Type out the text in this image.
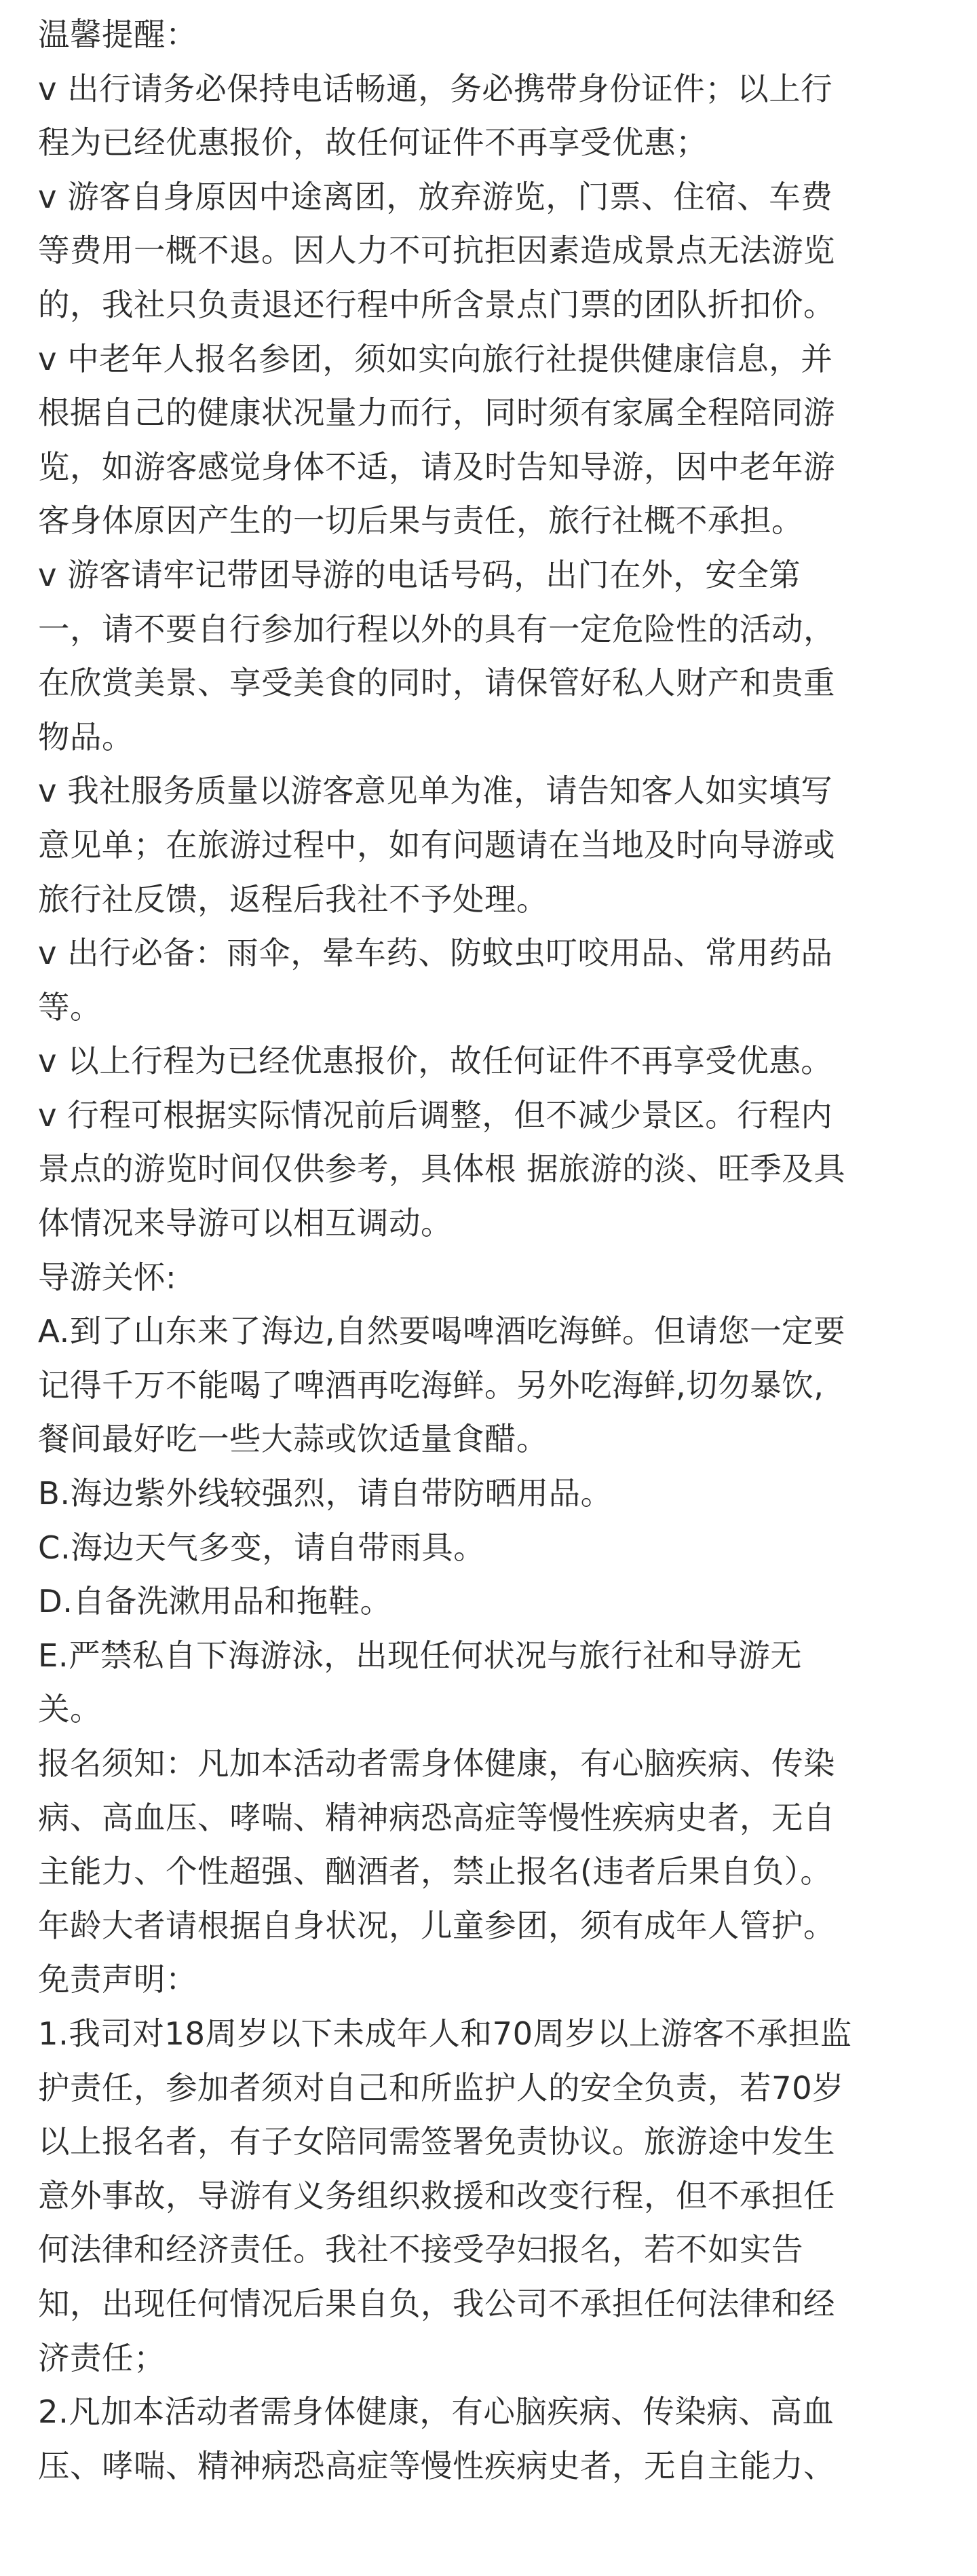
温馨提醒：
v 出行请务必保持电话畅通，务必携带身份证件；以上行
程为已经优惠报价，故任何证件不再享受优惠；
v 游客自身原因中途离团，放弃游览，门票、住宿、车费
等费用一概不退。因人力不可抗拒因素造成景点无法游览
的，我社只负责退还行程中所含景点门票的团队折扣价。
v 中老年人报名参团，须如实向旅行社提供健康信息，并
根据自己的健康状况量力而行，同时须有家属全程陪同游
览，如游客感觉身体不适，请及时告知导游，因中老年游
客身体原因产生的一切后果与责任，旅行社概不承担。
v 游客请牢记带团导游的电话号码，出门在外，安全第
一，请不要自行参加行程以外的具有一定危险性的活动，
在欣赏美景、享受美食的同时，请保管好私人财产和贵重
物品。
v 我社服务质量以游客意见单为准，请告知客人如实填写
意见单；在旅游过程中，如有问题请在当地及时向导游或
旅行社反馈，返程后我社不予处理。
v 出行必备：雨伞，晕车药、防蚊虫叮咬用品、常用药品
等。
v 以上行程为已经优惠报价，故任何证件不再享受优惠。
v 行程可根据实际情况前后调整，但不减少景区。行程内
景点的游览时间仅供参考，具体根 据旅游的淡、旺季及具
体情况来导游可以相互调动。
导游关怀:
A.到了山东来了海边,自然要喝啤酒吃海鲜。但请您一定要
记得千万不能喝了啤酒再吃海鲜。另外吃海鲜,切勿暴饮,
餐间最好吃一些大蒜或饮适量食醋。
B.海边紫外线较强烈，请自带防晒用品。
C.海边天气多变，请自带雨具。
D.自备洗漱用品和拖鞋。
E.严禁私自下海游泳，出现任何状况与旅行社和导游无
关。
报名须知：凡加本活动者需身体健康，有心脑疾病、传染
病、高血压、哮喘、精神病恐高症等慢性疾病史者，无自
主能力、个性超强、酗酒者，禁止报名(违者后果自负）。
年龄大者请根据自身状况，儿童参团，须有成年人管护。
免责声明：
1.我司对18周岁以下未成年人和70周岁以上游客不承担监
护责任，参加者须对自己和所监护人的安全负责，若70岁
以上报名者，有子女陪同需签署免责协议。旅游途中发生
意外事故，导游有义务组织救援和改变行程，但不承担任
何法律和经济责任。我社不接受孕妇报名，若不如实告
知，出现任何情况后果自负，我公司不承担任何法律和经
济责任；
2.凡加本活动者需身体健康，有心脑疾病、传染病、高血
压、哮喘、精神病恐高症等慢性疾病史者，无自主能力、
